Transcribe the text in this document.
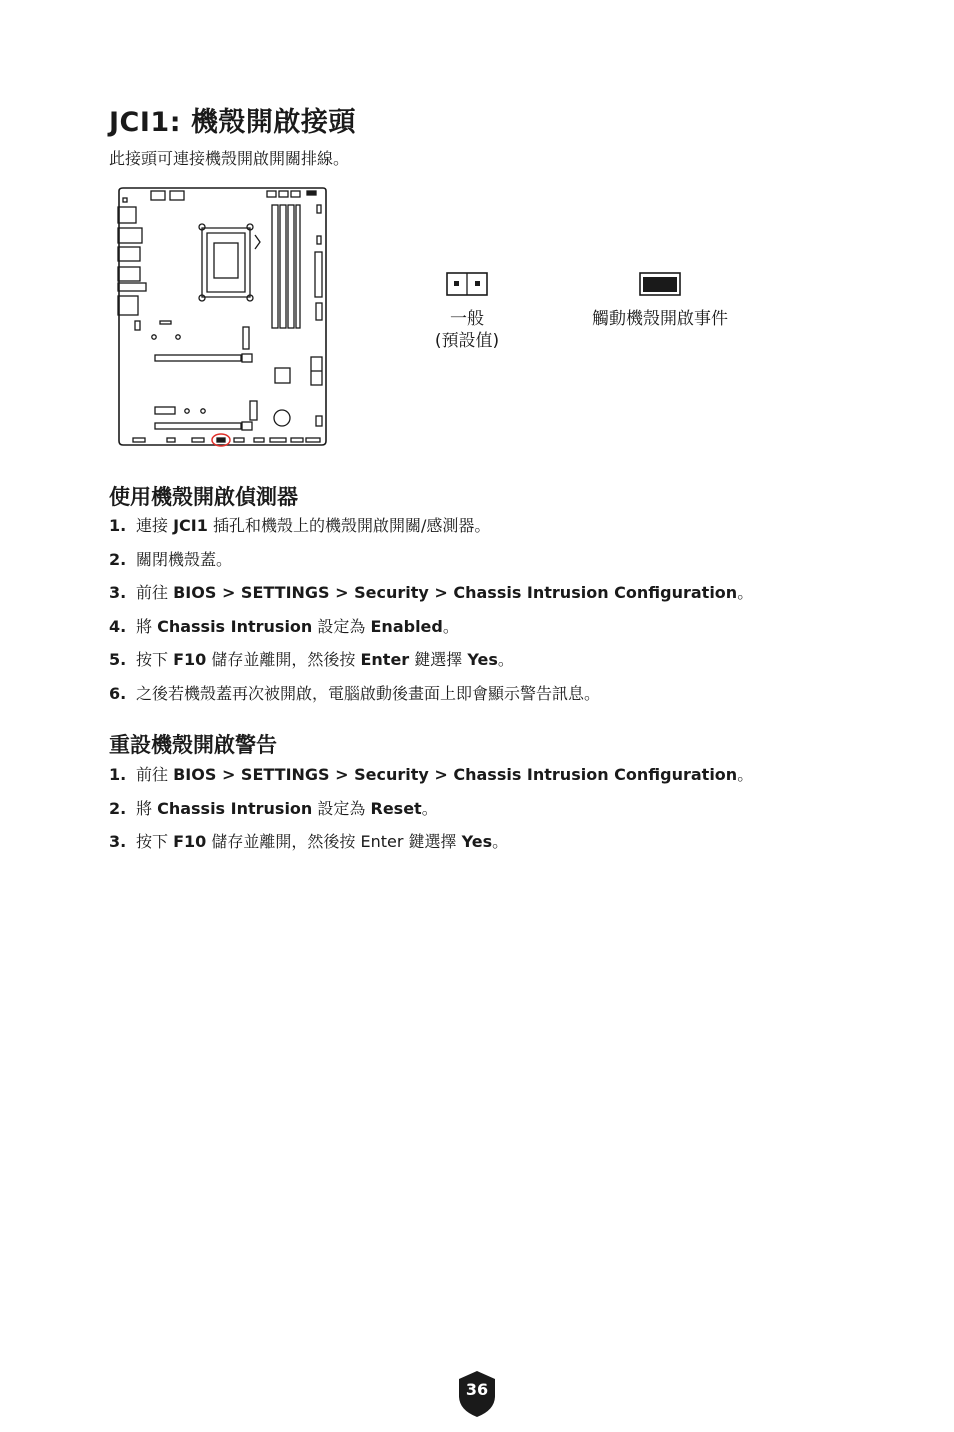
JCI1: 機殼開啟接頭

此接頭可連接機殼開啟開關排線。

一般
(預設值)
觸動機殼開啟事件
使用機殼開啟偵測器
1. 連接 JCI1 插孔和機殼上的機殼開啟開關/感測器。
2. 關閉機殼蓋。
3. 前往 BIOS > SETTINGS > Security > Chassis Intrusion Configuration。
4. 將 Chassis Intrusion 設定為 Enabled。
5. 按下 F10 儲存並離開，然後按 Enter 鍵選擇 Yes。
6. 之後若機殼蓋再次被開啟，電腦啟動後畫面上即會顯示警告訊息。
重設機殼開啟警告
1. 前往 BIOS > SETTINGS > Security > Chassis Intrusion Configuration。
2. 將 Chassis Intrusion 設定為 Reset。
3. 按下 F10 儲存並離開，然後按 Enter 鍵選擇 Yes。
36
